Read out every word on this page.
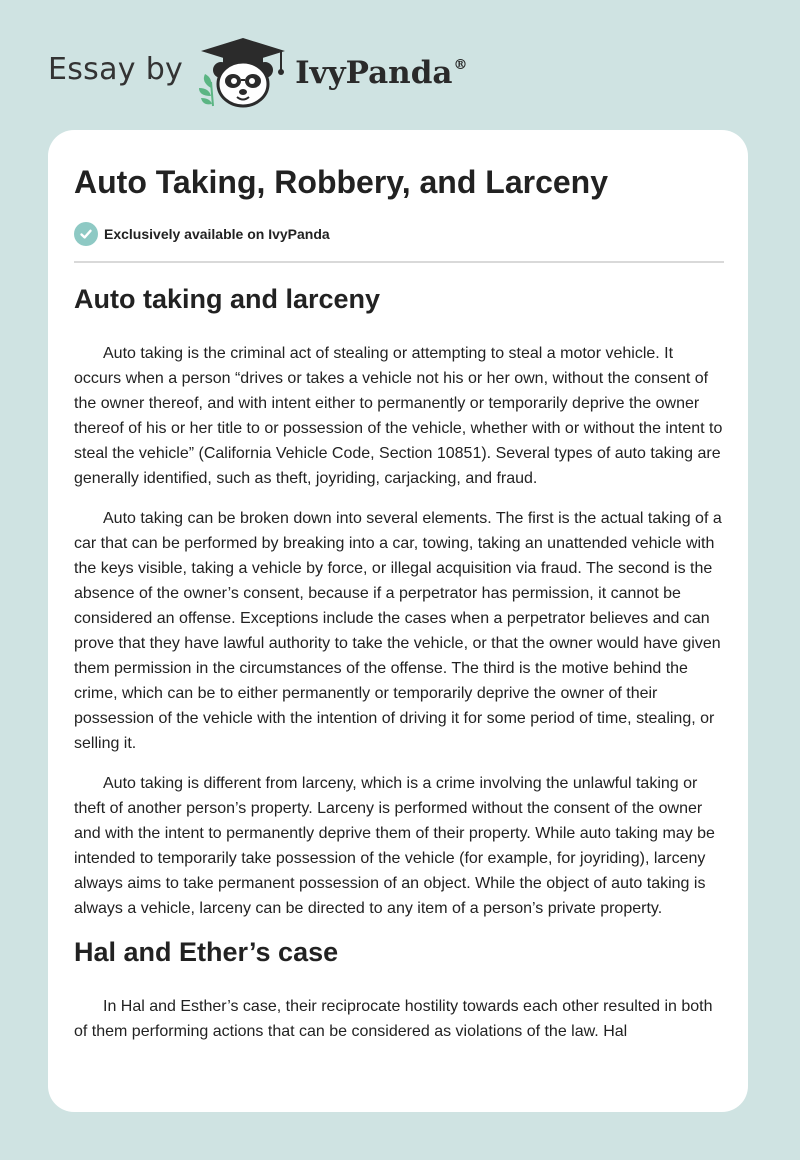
Essay by	IvyPanda®
Auto Taking, Robbery, and Larceny
Exclusively available on IvyPanda
Auto taking and larceny

Auto taking is the criminal act of stealing or attempting to steal a motor vehicle. It occurs when a person “drives or takes a vehicle not his or her own, without the consent of the owner thereof, and with intent either to permanently or temporarily deprive the owner thereof of his or her title to or possession of the vehicle, whether with or without the intent to steal the vehicle” (California Vehicle Code, Section 10851). Several types of auto taking are generally identified, such as theft, joyriding, carjacking, and fraud.

Auto taking can be broken down into several elements. The first is the actual taking of a car that can be performed by breaking into a car, towing, taking an unattended vehicle with the keys visible, taking a vehicle by force, or illegal acquisition via fraud. The second is the absence of the owner’s consent, because if a perpetrator has permission, it cannot be considered an offense. Exceptions include the cases when a perpetrator believes and can prove that they have lawful authority to take the vehicle, or that the owner would have given them permission in the circumstances of the offense. The third is the motive behind the crime, which can be to either permanently or temporarily deprive the owner of their possession of the vehicle with the intention of driving it for some period of time, stealing, or selling it.

Auto taking is different from larceny, which is a crime involving the unlawful taking or theft of another person’s property. Larceny is performed without the consent of the owner and with the intent to permanently deprive them of their property. While auto taking may be intended to temporarily take possession of the vehicle (for example, for joyriding), larceny always aims to take permanent possession of an object. While the object of auto taking is always a vehicle, larceny can be directed to any item of a person’s private property.

Hal and Ether’s case

In Hal and Esther’s case, their reciprocate hostility towards each other resulted in both of them performing actions that can be considered as violations of the law. Hal
